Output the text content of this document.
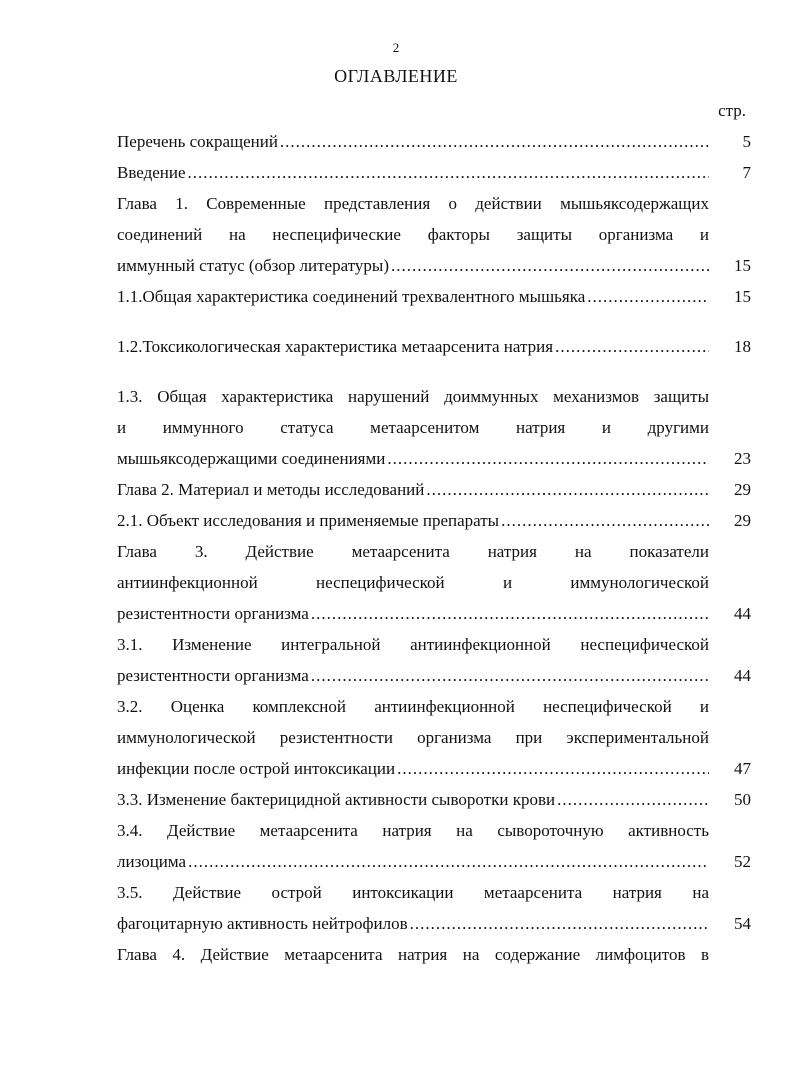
2
ОГЛАВЛЕНИЕ
стр.
Перечень сокращений .....	5
Введение .....	7
Глава 1. Современные представления о действии мышьяксодержащих
соединений на неспецифические факторы защиты организма и
иммунный статус (обзор литературы) .....	15
1.1.Общая характеристика соединений трехвалентного мышьяка .....	15
1.2.Токсикологическая характеристика метаарсенита натрия .....	18
1.3. Общая характеристика нарушений доиммунных механизмов защиты
и иммунного статуса метаарсенитом натрия и другими
мышьяксодержащими соединениями .....	23
Глава 2. Материал и методы исследований .....	29
2.1. Объект исследования и применяемые препараты .....	29
Глава 3. Действие метаарсенита натрия на показатели
антиинфекционной неспецифической и иммунологической
резистентности организма .....	44
3.1. Изменение интегральной антиинфекционной неспецифической
резистентности организма .....	44
3.2. Оценка комплексной антиинфекционной неспецифической и
иммунологической резистентности организма при экспериментальной
инфекции после острой интоксикации .....	47
3.3. Изменение бактерицидной активности сыворотки крови .....	50
3.4. Действие метаарсенита натрия на сывороточную активность
лизоцима .....	52
3.5. Действие острой интоксикации метаарсенита натрия на
фагоцитарную активность нейтрофилов .....	54
Глава 4. Действие метаарсенита натрия на содержание лимфоцитов в
